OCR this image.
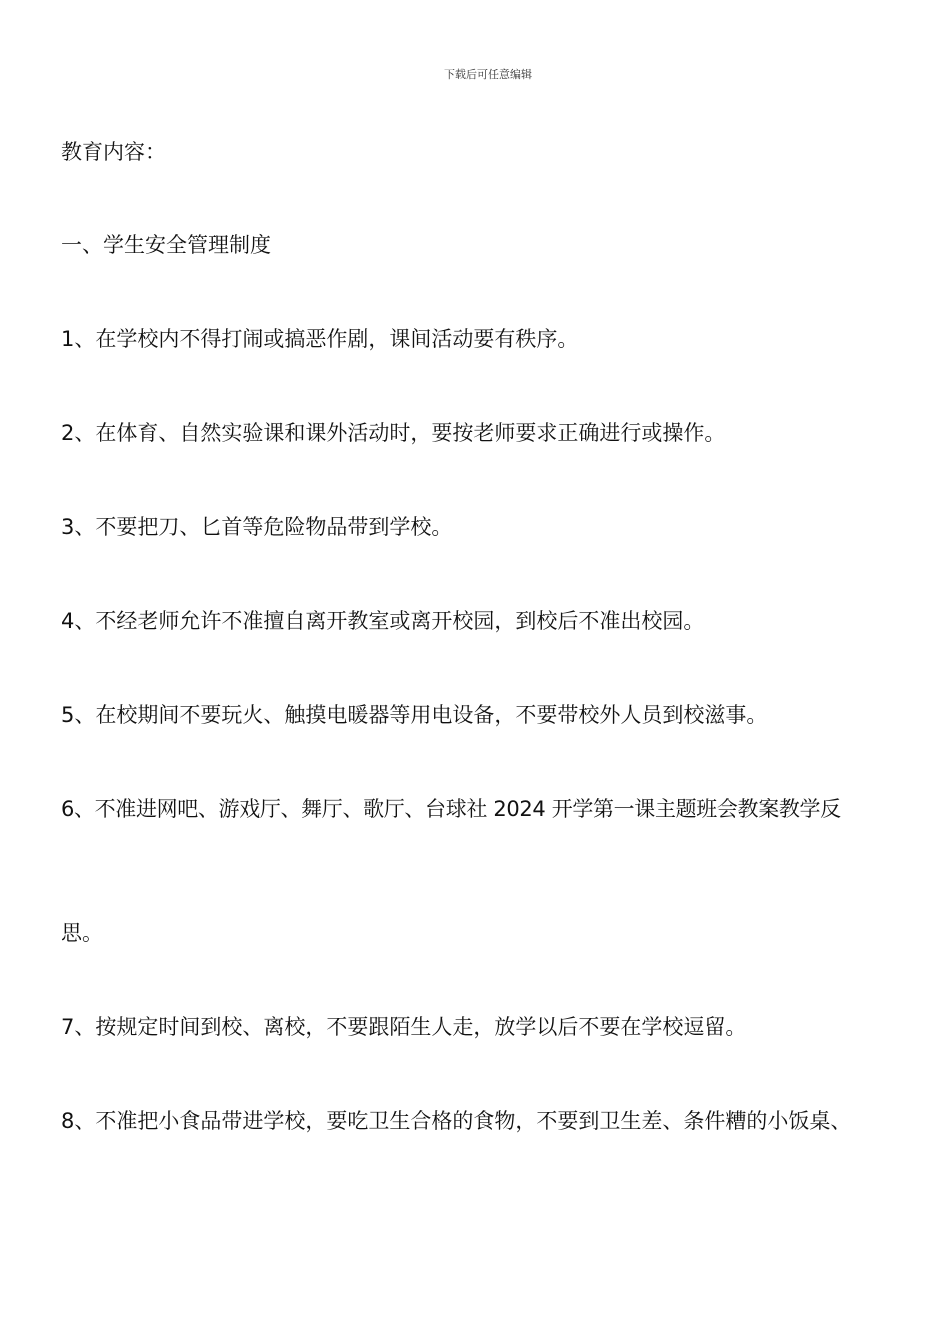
下载后可任意编辑
教育内容：
一、学生安全管理制度
1、在学校内不得打闹或搞恶作剧，课间活动要有秩序。
2、在体育、自然实验课和课外活动时，要按老师要求正确进行或操作。
3、不要把刀、匕首等危险物品带到学校。
4、不经老师允许不准擅自离开教室或离开校园，到校后不准出校园。
5、在校期间不要玩火、触摸电暖器等用电设备，不要带校外人员到校滋事。
6、不准进网吧、游戏厅、舞厅、歌厅、台球社 2024 开学第一课主题班会教案教学反
思。
7、按规定时间到校、离校，不要跟陌生人走，放学以后不要在学校逗留。
8、不准把小食品带进学校，要吃卫生合格的食物，不要到卫生差、条件糟的小饭桌、
